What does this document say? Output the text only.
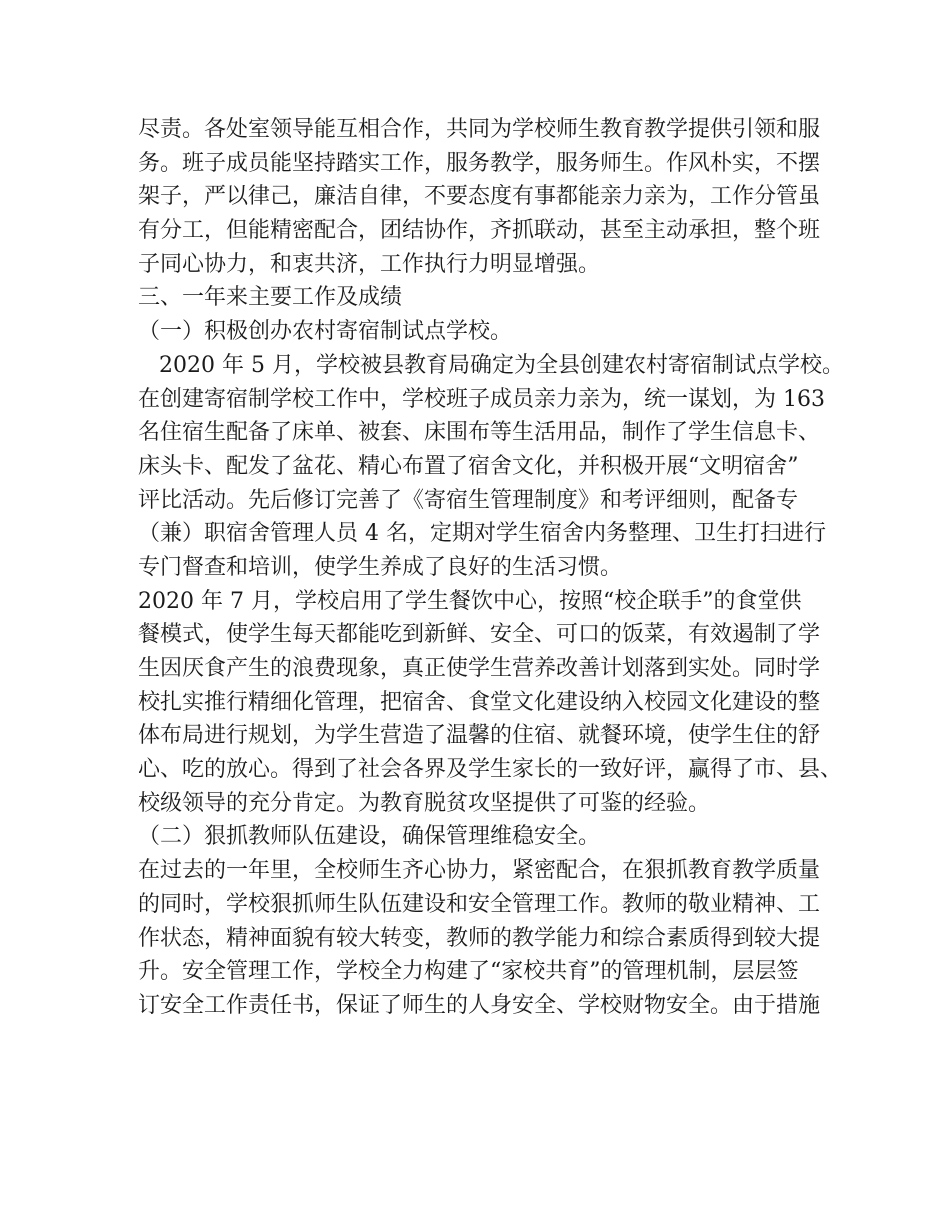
尽责。各处室领导能互相合作，共同为学校师生教育教学提供引领和服
务。班子成员能坚持踏实工作，服务教学，服务师生。作风朴实，不摆
架子，严以律己，廉洁自律，不要态度有事都能亲力亲为，工作分管虽
有分工，但能精密配合，团结协作，齐抓联动，甚至主动承担，整个班
子同心协力，和衷共济，工作执行力明显增强。
三、一年来主要工作及成绩
（一）积极创办农村寄宿制试点学校。
2020 年 5 月，学校被县教育局确定为全县创建农村寄宿制试点学校。
在创建寄宿制学校工作中，学校班子成员亲力亲为，统一谋划，为 163
名住宿生配备了床单、被套、床围布等生活用品，制作了学生信息卡、
床头卡、配发了盆花、精心布置了宿舍文化，并积极开展“文明宿舍”
评比活动。先后修订完善了《寄宿生管理制度》和考评细则，配备专
（兼）职宿舍管理人员 4 名，定期对学生宿舍内务整理、卫生打扫进行
专门督查和培训，使学生养成了良好的生活习惯。
2020 年 7 月，学校启用了学生餐饮中心，按照“校企联手”的食堂供
餐模式，使学生每天都能吃到新鲜、安全、可口的饭菜，有效遏制了学
生因厌食产生的浪费现象，真正使学生营养改善计划落到实处。同时学
校扎实推行精细化管理，把宿舍、食堂文化建设纳入校园文化建设的整
体布局进行规划，为学生营造了温馨的住宿、就餐环境，使学生住的舒
心、吃的放心。得到了社会各界及学生家长的一致好评，赢得了市、县、
校级领导的充分肯定。为教育脱贫攻坚提供了可鉴的经验。
（二）狠抓教师队伍建设，确保管理维稳安全。
在过去的一年里，全校师生齐心协力，紧密配合，在狠抓教育教学质量
的同时，学校狠抓师生队伍建设和安全管理工作。教师的敬业精神、工
作状态，精神面貌有较大转变，教师的教学能力和综合素质得到较大提
升。安全管理工作，学校全力构建了“家校共育”的管理机制，层层签
订安全工作责任书，保证了师生的人身安全、学校财物安全。由于措施
